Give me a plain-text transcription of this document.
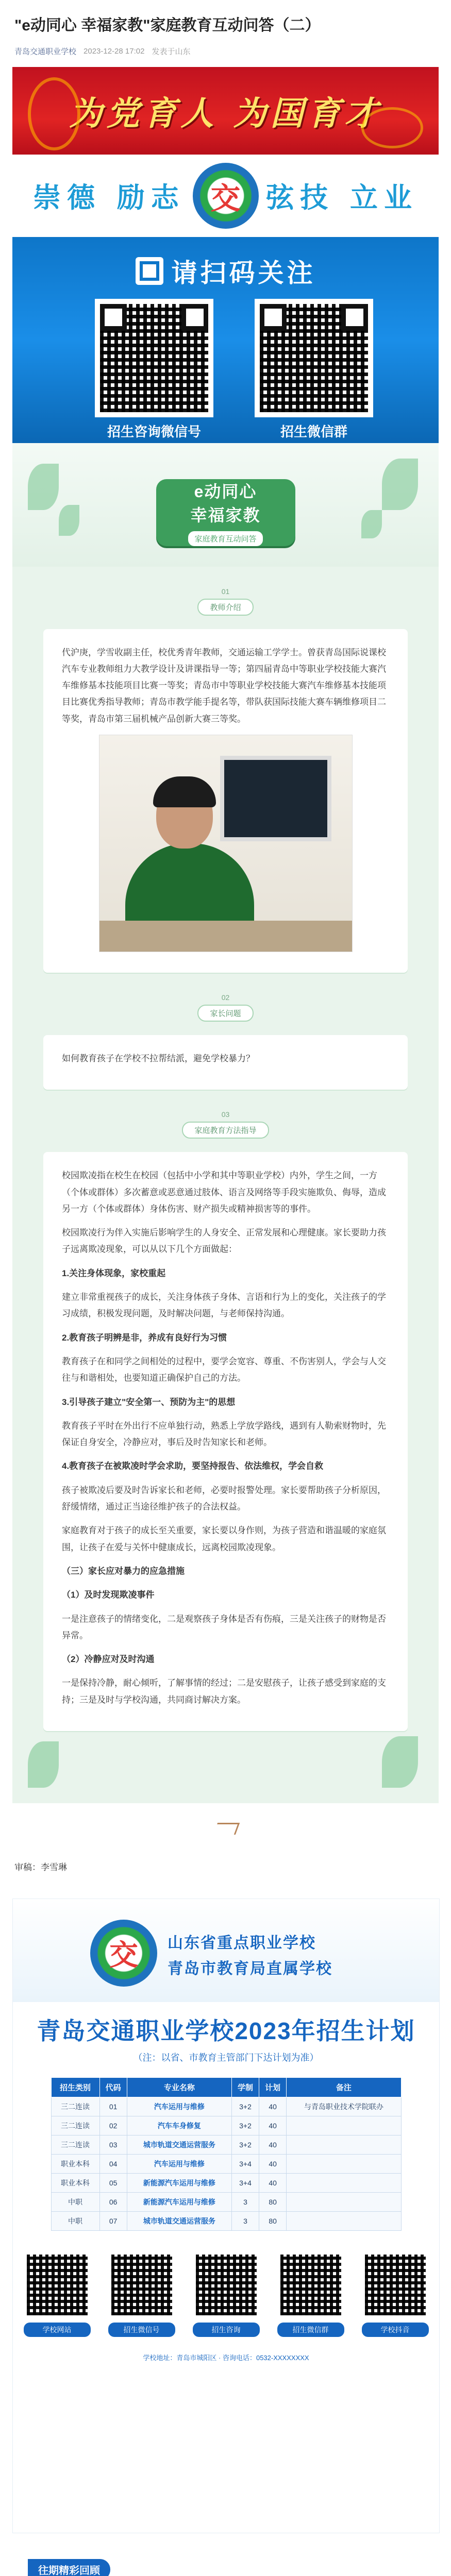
"e动同心 幸福家教"家庭教育互动问答（二）
青岛交通职业学校 2023-12-28 17:02 发表于山东
为党育人 为国育才
崇德 励志 交 弦技 立业
请扫码关注
招生咨询微信号	招生微信群
e动同心
幸福家教
家庭教育互动问答
01
教师介绍

代沪庚，学雪收副主任，校优秀青年教师，交通运输工学学士。曾获青岛国际说课校汽车专业教师组力大教学设计及讲课指导一等；第四届青岛中等职业学校技能大赛汽车维修基本技能项目比赛一等奖；青岛市中等职业学校技能大赛汽车维修基本技能项目比赛优秀指导教师；青岛市教学能手提名等，带队获国际技能大赛车辆维修项目二等奖，青岛市第三届机械产品创新大赛三等奖。

02
家长问题

如何教育孩子在学校不拉帮结派，避免学校暴力？

03
家庭教育方法指导

校园欺凌指在校生在校园（包括中小学和其中等职业学校）内外，学生之间，一方（个体或群体）多次蓄意或恶意通过肢体、语言及网络等手段实施欺负、侮辱，造成另一方（个体或群体）身体伤害、财产损失或精神损害等的事件。

校园欺凌行为伴入实施后影响学生的人身安全、正常发展和心理健康。家长要助力孩子远离欺凌现象，可以从以下几个方面做起：

1.关注身体现象，家校重起

建立非常重视孩子的成长，关注身体孩子身体、言语和行为上的变化，关注孩子的学习成绩，积极发现问题，及时解决问题，与老师保持沟通。

2.教育孩子明辨是非，养成有良好行为习惯

教育孩子在和同学之间相处的过程中，要学会宽容、尊重、不伤害别人，学会与人交往与和谐相处，也要知道正确保护自己的方法。

3.引导孩子建立"安全第一、预防为主"的思想

教育孩子平时在外出行不应单独行动，熟悉上学放学路线，遇到有人勒索财物时，先保证自身安全，冷静应对，事后及时告知家长和老师。

4.教育孩子在被欺凌时学会求助，要坚持报告、依法维权，学会自救

孩子被欺凌后要及时告诉家长和老师，必要时报警处理。家长要帮助孩子分析原因，舒缓情绪，通过正当途径维护孩子的合法权益。

家庭教育对于孩子的成长至关重要，家长要以身作则，为孩子营造和谐温暖的家庭氛围，让孩子在爱与关怀中健康成长，远离校园欺凌现象。

（三）家长应对暴力的应急措施

（1）及时发现欺凌事件

一是注意孩子的情绪变化，二是观察孩子身体是否有伤痕，三是关注孩子的财物是否异常。

（2）冷静应对及时沟通

一是保持冷静，耐心倾听，了解事情的经过；二是安慰孩子，让孩子感受到家庭的支持；三是及时与学校沟通，共同商讨解决方案。

审稿：李雪琳
交 山东省重点职业学校
青岛市教育局直属学校
青岛交通职业学校2023年招生计划
（注：以省、市教育主管部门下达计划为准）
招生类别	代码	专业名称	学制	计划	备注
三二连读	01	汽车运用与维修	3+2	40	与青岛职业技术学院联办
三二连读	02	汽车车身修复	3+2	40	
三二连读	03	城市轨道交通运营服务	3+2	40	
职业本科	04	汽车运用与维修	3+4	40	
职业本科	05	新能源汽车运用与维修	3+4	40	
中职	06	新能源汽车运用与维修	3	80	
中职	07	城市轨道交通运营服务	3	80	
学校网站	招生微信号	招生咨询	招生微信群	学校抖音
学校地址：青岛市城阳区 · 咨询电话：0532-XXXXXXXX
往期精彩回顾
